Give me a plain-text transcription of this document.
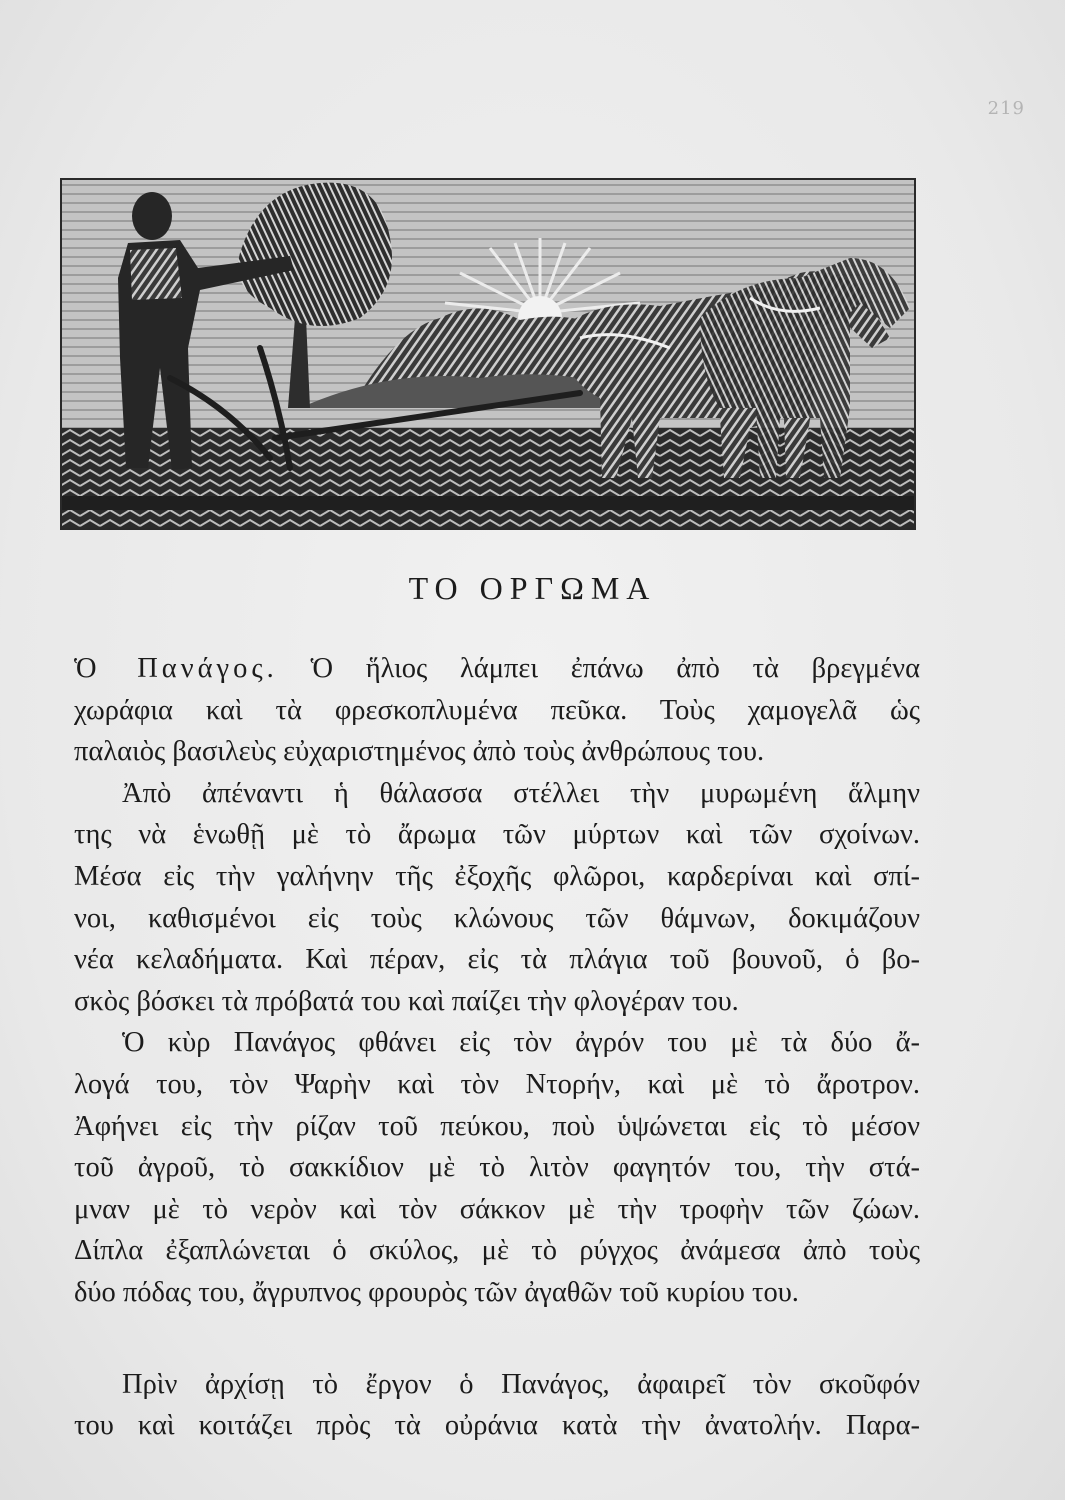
219
ΤΟ ΟΡΓΩΜΑ

Ὁ Πανάγος. Ὁ ἥλιος λάμπει ἐπάνω ἀπὸ τὰ βρεγμένα
χωράφια καὶ τὰ φρεσκοπλυμένα πεῦκα. Τοὺς χαμογελᾶ ὡς
παλαιὸς βασιλεὺς εὐχαριστημένος ἀπὸ τοὺς ἀνθρώπους του.

Ἀπὸ ἀπέναντι ἡ θάλασσα στέλλει τὴν μυρωμένη ἅλμην
της νὰ ἑνωθῇ μὲ τὸ ἄρωμα τῶν μύρτων καὶ τῶν σχοίνων.
Μέσα εἰς τὴν γαλήνην τῆς ἐξοχῆς φλῶροι, καρδερίναι καὶ σπί-
νοι, καθισμένοι εἰς τοὺς κλώνους τῶν θάμνων, δοκιμάζουν
νέα κελαδήματα. Καὶ πέραν, εἰς τὰ πλάγια τοῦ βουνοῦ, ὁ βο-
σκὸς βόσκει τὰ πρόβατά του καὶ παίζει τὴν φλογέραν του.

Ὁ κὺρ Πανάγος φθάνει εἰς τὸν ἀγρόν του μὲ τὰ δύο ἄ-
λογά του, τὸν Ψαρὴν καὶ τὸν Ντορήν, καὶ μὲ τὸ ἄροτρον.
Ἀφήνει εἰς τὴν ρίζαν τοῦ πεύκου, ποὺ ὑψώνεται εἰς τὸ μέσον
τοῦ ἀγροῦ, τὸ σακκίδιον μὲ τὸ λιτὸν φαγητόν του, τὴν στά-
μναν μὲ τὸ νερὸν καὶ τὸν σάκκον μὲ τὴν τροφὴν τῶν ζώων.
Δίπλα ἐξαπλώνεται ὁ σκύλος, μὲ τὸ ρύγχος ἀνάμεσα ἀπὸ τοὺς
δύο πόδας του, ἄγρυπνος φρουρὸς τῶν ἀγαθῶν τοῦ κυρίου του.

Πρὶν ἀρχίσῃ τὸ ἔργον ὁ Πανάγος, ἀφαιρεῖ τὸν σκοῦφόν
του καὶ κοιτάζει πρὸς τὰ οὐράνια κατὰ τὴν ἀνατολήν. Παρα-
